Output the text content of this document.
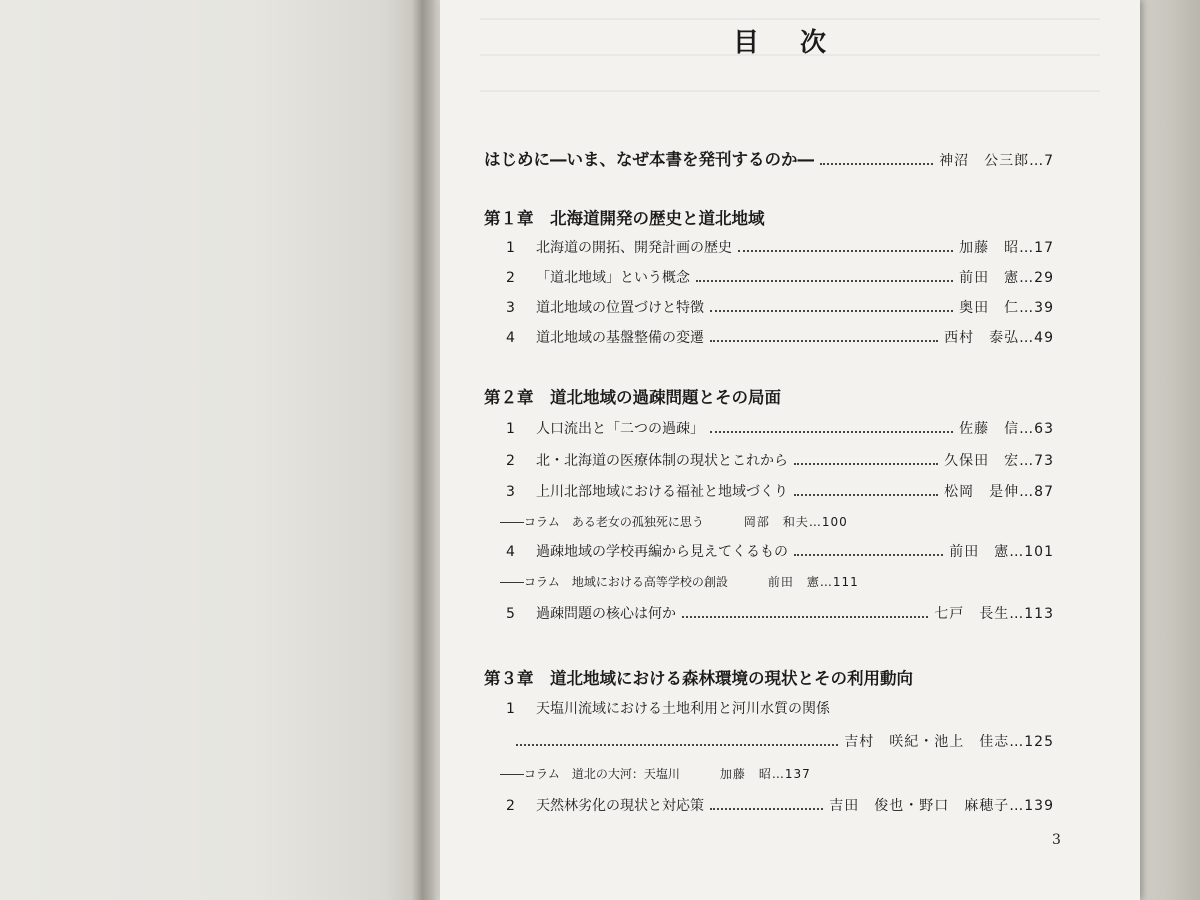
目 次
はじめに―いま、なぜ本書を発刊するのか―	神沼　公三郎…7
第１章　北海道開発の歴史と道北地域
1	北海道の開拓、開発計画の歴史	加藤　昭…17
2	「道北地域」という概念	前田　憲…29
3	道北地域の位置づけと特徴	奥田　仁…39
4	道北地域の基盤整備の変遷	西村　泰弘…49
第２章　道北地域の過疎問題とその局面
1	人口流出と「二つの過疎」	佐藤　信…63
2	北・北海道の医療体制の現状とこれから	久保田　宏…73
3	上川北部地域における福祉と地域づくり	松岡　是伸…87
――コラム　ある老女の孤独死に思う	岡部　和夫…100
4	過疎地域の学校再編から見えてくるもの	前田　憲…101
――コラム　地域における高等学校の創設	前田　憲…111
5	過疎問題の核心は何か	七戸　長生…113
第３章　道北地域における森林環境の現状とその利用動向
1	天塩川流域における土地利用と河川水質の関係
吉村　咲紀・池上　佳志…125
――コラム　道北の大河：天塩川	加藤　昭…137
2	天然林劣化の現状と対応策	吉田　俊也・野口　麻穂子…139
3
